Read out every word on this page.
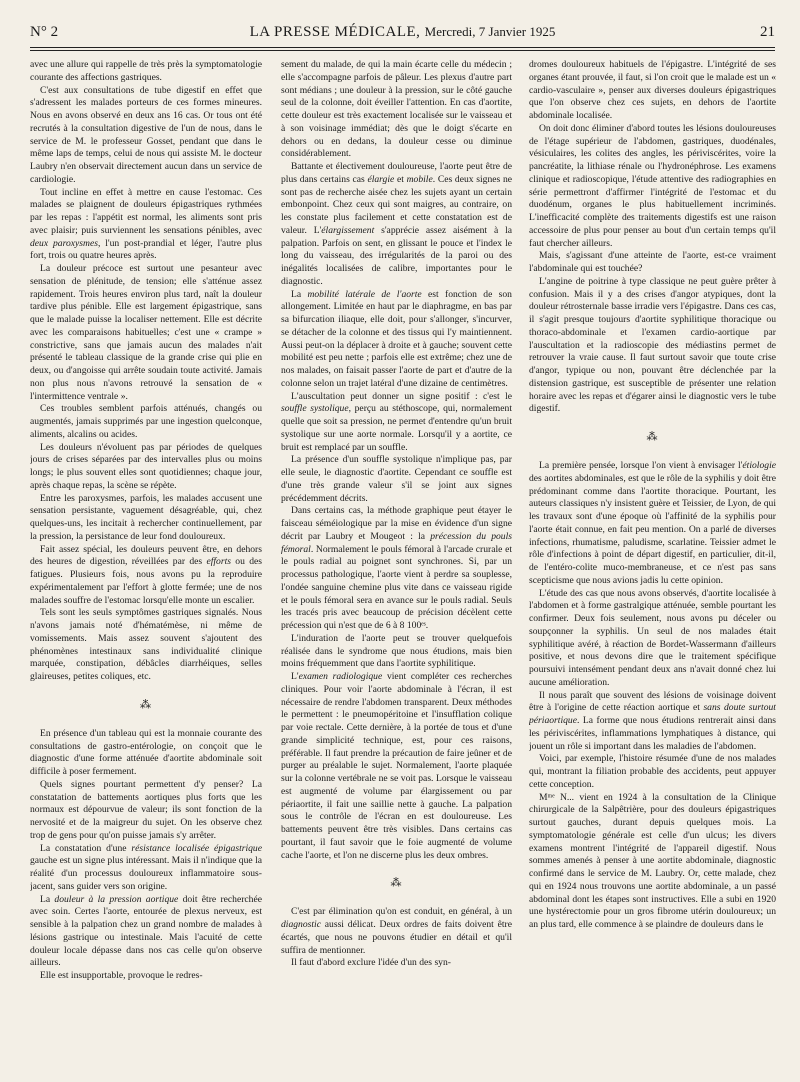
N° 2	LA PRESSE MÉDICALE, Mercredi, 7 Janvier 1925	21

avec une allure qui rappelle de très près la symptomatologie courante des affections gastriques.

C'est aux consultations de tube digestif en effet que s'adressent les malades porteurs de ces formes mineures. Nous en avons observé en deux ans 16 cas. Or tous ont été recrutés à la consultation digestive de l'un de nous, dans le service de M. le professeur Gosset, pendant que dans le même laps de temps, celui de nous qui assiste M. le docteur Laubry n'en observait directement aucun dans un service de cardiologie.

Tout incline en effet à mettre en cause l'estomac. Ces malades se plaignent de douleurs épigastriques rythmées par les repas : l'appétit est normal, les aliments sont pris avec plaisir; puis surviennent les sensations pénibles, avec deux paroxysmes, l'un post-prandial et léger, l'autre plus fort, trois ou quatre heures après.

La douleur précoce est surtout une pesanteur avec sensation de plénitude, de tension; elle s'atténue assez rapidement. Trois heures environ plus tard, naît la douleur tardive plus pénible. Elle est largement épigastrique, sans que le malade puisse la localiser nettement. Elle est décrite avec les comparaisons habituelles; c'est une « crampe » constrictive, sans que jamais aucun des malades n'ait présenté le tableau classique de la grande crise qui plie en deux, ou d'angoisse qui arrête soudain toute activité. Jamais non plus nous n'avons retrouvé la sensation de « l'intermittence ventrale ».

Ces troubles semblent parfois atténués, changés ou augmentés, jamais supprimés par une ingestion quelconque, aliments, alcalins ou acides.

Les douleurs n'évoluent pas par périodes de quelques jours de crises séparées par des intervalles plus ou moins longs; le plus souvent elles sont quotidiennes; chaque jour, après chaque repas, la scène se répète.

Entre les paroxysmes, parfois, les malades accusent une sensation persistante, vaguement désagréable, qui, chez quelques-uns, les incitait à rechercher continuellement, par la pression, la persistance de leur fond douloureux.

Fait assez spécial, les douleurs peuvent être, en dehors des heures de digestion, réveillées par des efforts ou des fatigues. Plusieurs fois, nous avons pu la reproduire expérimentalement par l'effort à glotte fermée; une de nos malades souffre de l'estomac lorsqu'elle monte un escalier.

Tels sont les seuls symptômes gastriques signalés. Nous n'avons jamais noté d'hématémèse, ni même de vomissements. Mais assez souvent s'ajoutent des phénomènes intestinaux sans individualité clinique marquée, constipation, débâcles diarrhéiques, selles glaireuses, petites coliques, etc.

⁂

En présence d'un tableau qui est la monnaie courante des consultations de gastro-entérologie, on conçoit que le diagnostic d'une forme atténuée d'aortite abdominale soit difficile à poser fermement.

Quels signes pourtant permettent d'y penser? La constatation de battements aortiques plus forts que les normaux est dépourvue de valeur; ils sont fonction de la nervosité et de la maigreur du sujet. On les observe chez trop de gens pour qu'on puisse jamais s'y arrêter.

La constatation d'une résistance localisée épigastrique gauche est un signe plus intéressant. Mais il n'indique que la réalité d'un processus douloureux inflammatoire sous-jacent, sans guider vers son origine.

La douleur à la pression aortique doit être recherchée avec soin. Certes l'aorte, entourée de plexus nerveux, est sensible à la palpation chez un grand nombre de malades à lésions gastrique ou intestinale. Mais l'acuité de cette douleur locale dépasse dans nos cas celle qu'on observe ailleurs.

Elle est insupportable, provoque le redres-

sement du malade, de qui la main écarte celle du médecin ; elle s'accompagne parfois de pâleur. Les plexus d'autre part sont médians ; une douleur à la pression, sur le côté gauche seul de la colonne, doit éveiller l'attention. En cas d'aortite, cette douleur est très exactement localisée sur le vaisseau et à son voisinage immédiat; dès que le doigt s'écarte en dehors ou en dedans, la douleur cesse ou diminue considérablement.

Battante et électivement douloureuse, l'aorte peut être de plus dans certains cas élargie et mobile. Ces deux signes ne sont pas de recherche aisée chez les sujets ayant un certain embonpoint. Chez ceux qui sont maigres, au contraire, on les constate plus facilement et cette constatation est de valeur. L'élargissement s'apprécie assez aisément à la palpation. Parfois on sent, en glissant le pouce et l'index le long du vaisseau, des irrégularités de la paroi ou des inégalités localisées de calibre, importantes pour le diagnostic.

La mobilité latérale de l'aorte est fonction de son allongement. Limitée en haut par le diaphragme, en bas par sa bifurcation iliaque, elle doit, pour s'allonger, s'incurver, se détacher de la colonne et des tissus qui l'y maintiennent. Aussi peut-on la déplacer à droite et à gauche; souvent cette mobilité est peu nette ; parfois elle est extrême; chez une de nos malades, on faisait passer l'aorte de part et d'autre de la colonne selon un trajet latéral d'une dizaine de centimètres.

L'auscultation peut donner un signe positif : c'est le souffle systolique, perçu au stéthoscope, qui, normalement quelle que soit sa pression, ne permet d'entendre qu'un bruit systolique sur une aorte normale. Lorsqu'il y a aortite, ce bruit est remplacé par un souffle.

La présence d'un souffle systolique n'implique pas, par elle seule, le diagnostic d'aortite. Cependant ce souffle est d'une très grande valeur s'il se joint aux signes précédemment décrits.

Dans certains cas, la méthode graphique peut étayer le faisceau séméiologique par la mise en évidence d'un signe décrit par Laubry et Mougeot : la précession du pouls fémoral. Normalement le pouls fémoral à l'arcade crurale et le pouls radial au poignet sont synchrones. Si, par un processus pathologique, l'aorte vient à perdre sa souplesse, l'ondée sanguine chemine plus vite dans ce vaisseau rigide et le pouls fémoral sera en avance sur le pouls radial. Seuls les tracés pris avec beaucoup de précision décèlent cette précession qui n'est que de 6 à 8 100ᵉˢ.

L'induration de l'aorte peut se trouver quelquefois réalisée dans le syndrome que nous étudions, mais bien moins fréquemment que dans l'aortite syphilitique.

L'examen radiologique vient compléter ces recherches cliniques. Pour voir l'aorte abdominale à l'écran, il est nécessaire de rendre l'abdomen transparent. Deux méthodes le permettent : le pneumopéritoine et l'insufflation colique par voie rectale. Cette dernière, à la portée de tous et d'une grande simplicité technique, est, pour ces raisons, préférable. Il faut prendre la précaution de faire jeûner et de purger au préalable le sujet. Normalement, l'aorte plaquée sur la colonne vertébrale ne se voit pas. Lorsque le vaisseau est augmenté de volume par élargissement ou par périaortite, il fait une saillie nette à gauche. La palpation sous le contrôle de l'écran en est douloureuse. Les battements peuvent être très visibles. Dans certains cas pourtant, il faut savoir que le foie augmenté de volume cache l'aorte, et l'on ne discerne plus les deux ombres.

⁂

C'est par élimination qu'on est conduit, en général, à un diagnostic aussi délicat. Deux ordres de faits doivent être écartés, que nous ne pouvons étudier en détail et qu'il suffira de mentionner.

Il faut d'abord exclure l'idée d'un des syn-

dromes douloureux habituels de l'épigastre. L'intégrité de ses organes étant prouvée, il faut, si l'on croit que le malade est un « cardio-vasculaire », penser aux diverses douleurs épigastriques que l'on observe chez ces sujets, en dehors de l'aortite abdominale localisée.

On doit donc éliminer d'abord toutes les lésions douloureuses de l'étage supérieur de l'abdomen, gastriques, duodénales, vésiculaires, les colites des angles, les périviscérites, voire la pancréatite, la lithiase rénale ou l'hydronéphrose. Les examens clinique et radioscopique, l'étude attentive des radiographies en série permettront d'affirmer l'intégrité de l'estomac et du duodénum, organes le plus habituellement incriminés. L'inefficacité complète des traitements digestifs est une raison accessoire de plus pour penser au bout d'un certain temps qu'il faut chercher ailleurs.

Mais, s'agissant d'une atteinte de l'aorte, est-ce vraiment l'abdominale qui est touchée?

L'angine de poitrine à type classique ne peut guère prêter à confusion. Mais il y a des crises d'angor atypiques, dont la douleur rétrosternale basse irradie vers l'épigastre. Dans ces cas, il s'agit presque toujours d'aortite syphilitique thoracique ou thoraco-abdominale et l'examen cardio-aortique par l'auscultation et la radioscopie des médiastins permet de retrouver la vraie cause. Il faut surtout savoir que toute crise d'angor, typique ou non, pouvant être déclenchée par la distension gastrique, est susceptible de présenter une relation horaire avec les repas et d'égarer ainsi le diagnostic vers le tube digestif.

⁂

La première pensée, lorsque l'on vient à envisager l'étiologie des aortites abdominales, est que le rôle de la syphilis y doit être prédominant comme dans l'aortite thoracique. Pourtant, les auteurs classiques n'y insistent guère et Teissier, de Lyon, de qui les travaux sont d'une époque où l'affinité de la syphilis pour l'aorte était connue, en fait peu mention. On a parlé de diverses infections, rhumatisme, paludisme, scarlatine. Teissier admet le rôle d'infections à point de départ digestif, en particulier, dit-il, de l'entéro-colite muco-membraneuse, et ce n'est pas sans scepticisme que nous avions jadis lu cette opinion.

L'étude des cas que nous avons observés, d'aortite localisée à l'abdomen et à forme gastralgique atténuée, semble pourtant les confirmer. Deux fois seulement, nous avons pu déceler ou soupçonner la syphilis. Un seul de nos malades était syphilitique avéré, à réaction de Bordet-Wassermann d'ailleurs positive, et nous devons dire que le traitement spécifique poursuivi intensément pendant deux ans n'avait donné chez lui aucune amélioration.

Il nous paraît que souvent des lésions de voisinage doivent être à l'origine de cette réaction aortique et sans doute surtout périaortique. La forme que nous étudions rentrerait ainsi dans les périviscérites, inflammations lymphatiques à distance, qui jouent un rôle si important dans les maladies de l'abdomen.

Voici, par exemple, l'histoire résumée d'une de nos malades qui, montrant la filiation probable des accidents, peut appuyer cette conception.

Mᵐᵉ N... vient en 1924 à la consultation de la Clinique chirurgicale de la Salpêtrière, pour des douleurs épigastriques surtout gauches, durant depuis quelques mois. La symptomatologie générale est celle d'un ulcus; les divers examens montrent l'intégrité de l'appareil digestif. Nous sommes amenés à penser à une aortite abdominale, diagnostic confirmé dans le service de M. Laubry. Or, cette malade, chez qui en 1924 nous trouvons une aortite abdominale, a un passé abdominal dont les étapes sont instructives. Elle a subi en 1920 une hystérectomie pour un gros fibrome utérin douloureux; un an plus tard, elle commence à se plaindre de douleurs dans le
